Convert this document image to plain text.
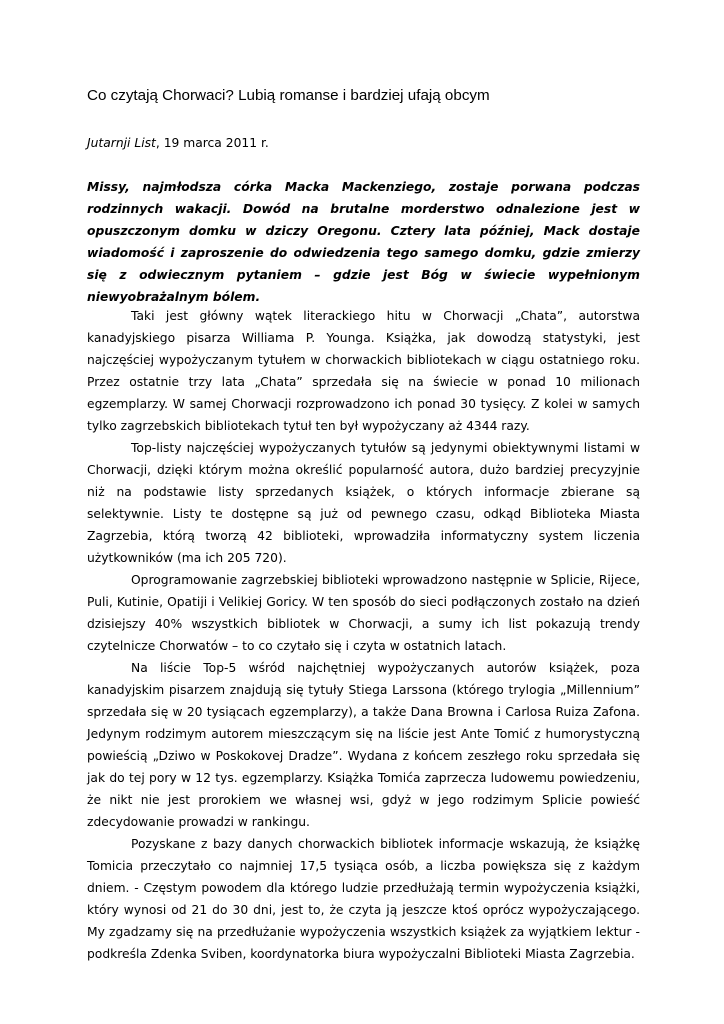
Co czytają Chorwaci? Lubią romanse i bardziej ufają obcym
Jutarnji List, 19 marca 2011 r.
Missy, najmłodsza córka Macka Mackenziego, zostaje porwana podczas rodzinnych wakacji. Dowód na brutalne morderstwo odnalezione jest w opuszczonym domku w dziczy Oregonu. Cztery lata później, Mack dostaje wiadomość i zaproszenie do odwiedzenia tego samego domku, gdzie zmierzy się z odwiecznym pytaniem – gdzie jest Bóg w świecie wypełnionym niewyobrażalnym bólem.

Taki jest główny wątek literackiego hitu w Chorwacji „Chata”, autorstwa kanadyjskiego pisarza Williama P. Younga. Książka, jak dowodzą statystyki, jest najczęściej wypożyczanym tytułem w chorwackich bibliotekach w ciągu ostatniego roku. Przez ostatnie trzy lata „Chata” sprzedała się na świecie w ponad 10 milionach egzemplarzy. W samej Chorwacji rozprowadzono ich ponad 30 tysięcy. Z kolei w samych tylko zagrzebskich bibliotekach tytuł ten był wypożyczany aż 4344 razy.

Top-listy najczęściej wypożyczanych tytułów są jedynymi obiektywnymi listami w Chorwacji, dzięki którym można określić popularność autora, dużo bardziej precyzyjnie niż na podstawie listy sprzedanych książek, o których informacje zbierane są selektywnie. Listy te dostępne są już od pewnego czasu, odkąd Biblioteka Miasta Zagrzebia, którą tworzą 42 biblioteki, wprowadziła informatyczny system liczenia użytkowników (ma ich 205 720).

Oprogramowanie zagrzebskiej biblioteki wprowadzono następnie w Splicie, Rijece, Puli, Kutinie, Opatiji i Velikiej Goricy. W ten sposób do sieci podłączonych zostało na dzień dzisiejszy 40% wszystkich bibliotek w Chorwacji, a sumy ich list pokazują trendy czytelnicze Chorwatów – to co czytało się i czyta w ostatnich latach.

Na liście Top-5 wśród najchętniej wypożyczanych autorów książek, poza kanadyjskim pisarzem znajdują się tytuły Stiega Larssona (którego trylogia „Millennium” sprzedała się w 20 tysiącach egzemplarzy), a także Dana Browna i Carlosa Ruiza Zafona. Jedynym rodzimym autorem mieszczącym się na liście jest Ante Tomić z humorystyczną powieścią „Dziwo w Poskokovej Dradze”. Wydana z końcem zeszłego roku sprzedała się jak do tej pory w 12 tys. egzemplarzy. Książka Tomića zaprzecza ludowemu powiedzeniu, że nikt nie jest prorokiem we własnej wsi, gdyż w jego rodzimym Splicie powieść zdecydowanie prowadzi w rankingu.

Pozyskane z bazy danych chorwackich bibliotek informacje wskazują, że książkę Tomicia przeczytało co najmniej 17,5 tysiąca osób, a liczba powiększa się z każdym dniem. - Częstym powodem dla którego ludzie przedłużają termin wypożyczenia książki, który wynosi od 21 do 30 dni, jest to, że czyta ją jeszcze ktoś oprócz wypożyczającego. My zgadzamy się na przedłużanie wypożyczenia wszystkich książek za wyjątkiem lektur - podkreśla Zdenka Sviben, koordynatorka biura wypożyczalni Biblioteki Miasta Zagrzebia.
